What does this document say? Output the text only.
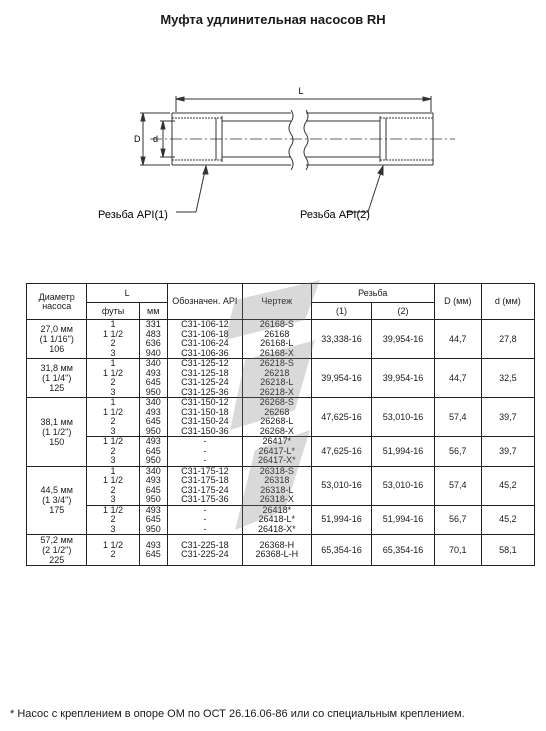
Муфта удлинительная насосов RH
L
D d
Резьба API(1)	Резьба API(2)
Диаметр насоса	L		Обозначен. API	Чертеж	Резьба		D (мм)	d (мм)
	футы	мм			(1)	(2)		

27,0 мм
(1 1/16")
106	1
1 1/2
2
3	331
483
636
940	C31-106-12
C31-106-18
C31-106-24
C31-106-36	26168-S
26168
26168-L
26168-X	33,338-16	39,954-16	44,7	27,8

31,8 мм
(1 1/4")
125	1
1 1/2
2
3	340
493
645
950	C31-125-12
C31-125-18
C31-125-24
C31-125-36	26218-S
26218
26218-L
26218-X	39,954-16	39,954-16	44,7	32,5

38,1 мм
(1 1/2")
150	1
1 1/2
2
3	340
493
645
950	C31-150-12
C31-150-18
C31-150-24
C31-150-36	26268-S
26268
26268-L
26268-X	47,625-16	53,010-16	57,4	39,7

	1 1/2
2
3	493
645
950	-
-
-	26417*
26417-L*
26417-X*	47,625-16	51,994-16	56,7	39,7

44,5 мм
(1 3/4")
175	1
1 1/2
2
3	340
493
645
950	C31-175-12
C31-175-18
C31-175-24
C31-175-36	26318-S
26318
26318-L
26318-X	53,010-16	53,010-16	57,4	45,2

	1 1/2
2
3	493
645
950	-
-
-	26418*
26418-L*
26418-X*	51,994-16	51,994-16	56,7	45,2

57,2 мм
(2 1/2")
225	1 1/2
2	493
645	C31-225-18
C31-225-24	26368-H
26368-L-H	65,354-16	65,354-16	70,1	58,1
* Насос с креплением в опоре ОМ по ОСТ 26.16.06-86 или со специальным креплением.
